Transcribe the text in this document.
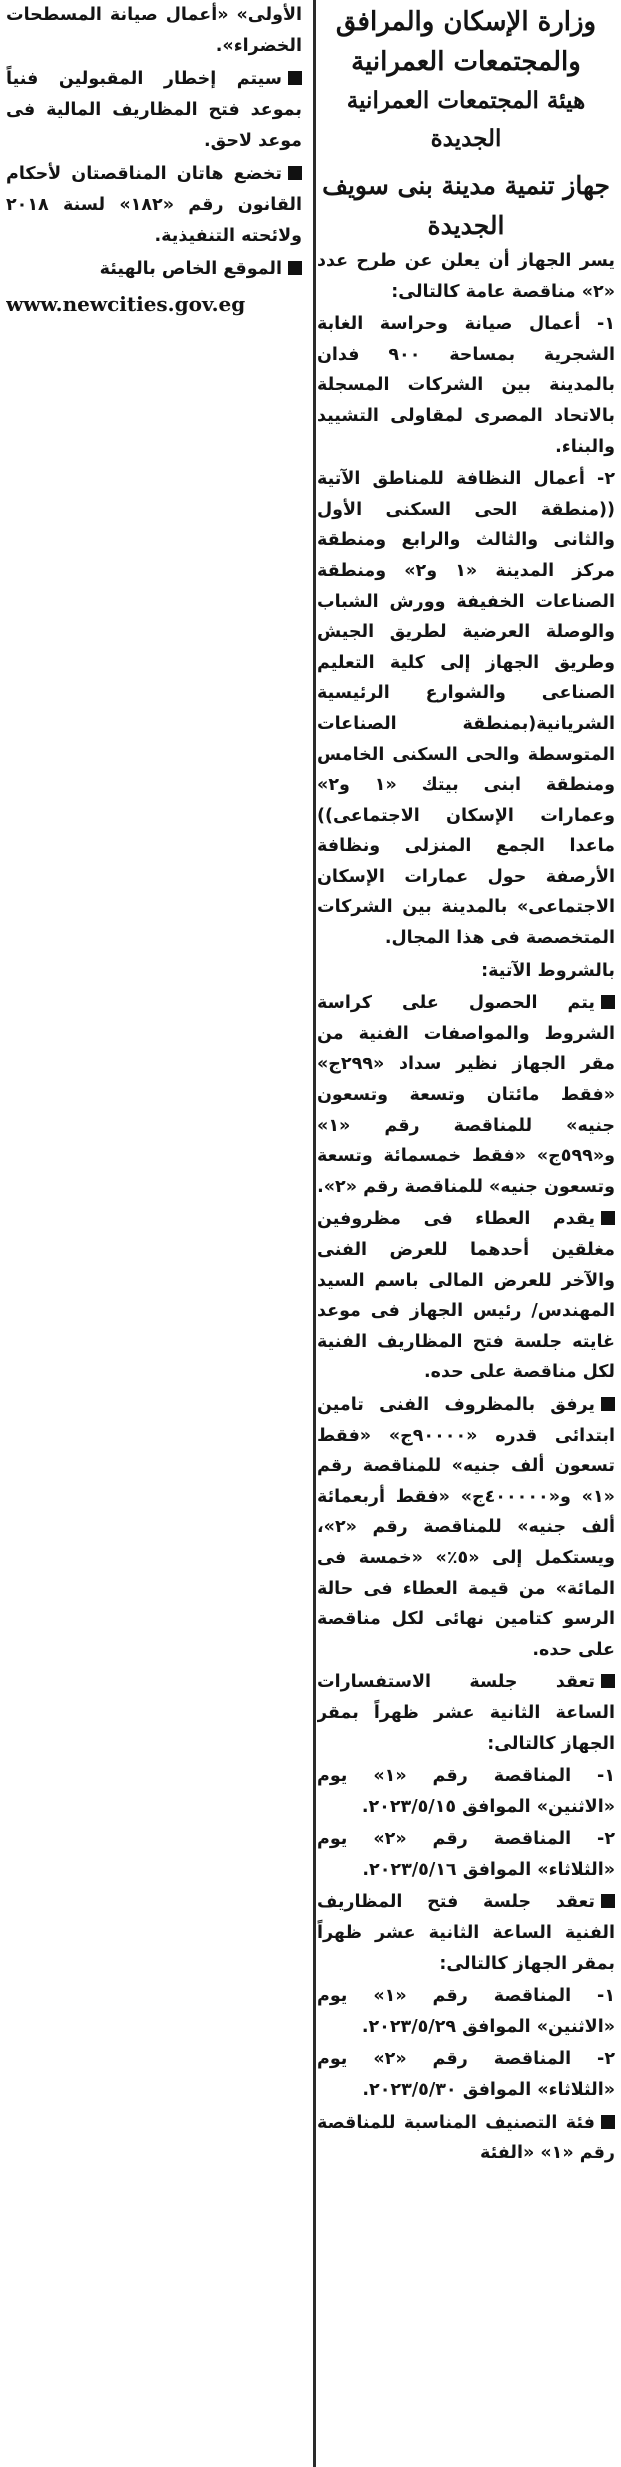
وزارة الإسكان والمرافق والمجتمعات العمرانية

هيئة المجتمعات العمرانية الجديدة

جهاز تنمية مدينة بنى سويف الجديدة

يسر الجهاز أن يعلن عن طرح عدد «٢» مناقصة عامة كالتالى:

١- أعمال صيانة وحراسة الغابة الشجرية بمساحة ٩٠٠ فدان بالمدينة بين الشركات المسجلة بالاتحاد المصرى لمقاولى التشييد والبناء.

٢- أعمال النظافة للمناطق الآتية ((منطقة الحى السكنى الأول والثانى والثالث والرابع ومنطقة مركز المدينة «١ و٢» ومنطقة الصناعات الخفيفة وورش الشباب والوصلة العرضية لطريق الجيش وطريق الجهاز إلى كلية التعليم الصناعى والشوارع الرئيسية الشريانية(بمنطقة الصناعات المتوسطة والحى السكنى الخامس ومنطقة ابنى بيتك «١ و٢» وعمارات الإسكان الاجتماعى)) ماعدا الجمع المنزلى ونظافة الأرصفة حول عمارات الإسكان الاجتماعى» بالمدينة بين الشركات المتخصصة فى هذا المجال.

بالشروط الآتية:

يتم الحصول على كراسة الشروط والمواصفات الفنية من مقر الجهاز نظير سداد «٢٩٩ج» «فقط مائتان وتسعة وتسعون جنيه» للمناقصة رقم «١» و«٥٩٩ج» «فقط خمسمائة وتسعة وتسعون جنيه» للمناقصة رقم «٢».

يقدم العطاء فى مظروفين مغلقين أحدهما للعرض الفنى والآخر للعرض المالى باسم السيد المهندس/ رئيس الجهاز فى موعد غايته جلسة فتح المظاريف الفنية لكل مناقصة على حده.

يرفق بالمظروف الفنى تامين ابتدائى قدره «٩٠٠٠٠ج» «فقط تسعون ألف جنيه» للمناقصة رقم «١» و«٤٠٠٠٠٠ج» «فقط أربعمائة ألف جنيه» للمناقصة رقم «٢»، ويستكمل إلى «٥٪» «خمسة فى المائة» من قيمة العطاء فى حالة الرسو كتامين نهائى لكل مناقصة على حده.

تعقد جلسة الاستفسارات الساعة الثانية عشر ظهراً بمقر الجهاز كالتالى:

١- المناقصة رقم «١» يوم «الاثنين» الموافق ٢٠٢٣/٥/١٥.

٢- المناقصة رقم «٢» يوم «الثلاثاء» الموافق ٢٠٢٣/٥/١٦.

تعقد جلسة فتح المظاريف الفنية الساعة الثانية عشر ظهراً بمقر الجهاز كالتالى:

١- المناقصة رقم «١» يوم «الاثنين» الموافق ٢٠٢٣/٥/٢٩.

٢- المناقصة رقم «٢» يوم «الثلاثاء» الموافق ٢٠٢٣/٥/٣٠.

فئة التصنيف المناسبة للمناقصة رقم «١» «الفئة

الأولى» «أعمال صيانة المسطحات الخضراء».

سيتم إخطار المقبولين فنياً بموعد فتح المظاريف المالية فى موعد لاحق.

تخضع هاتان المناقصتان لأحكام القانون رقم «١٨٢» لسنة ٢٠١٨ ولائحته التنفيذية.

الموقع الخاص بالهيئة

www.newcities.gov.eg
